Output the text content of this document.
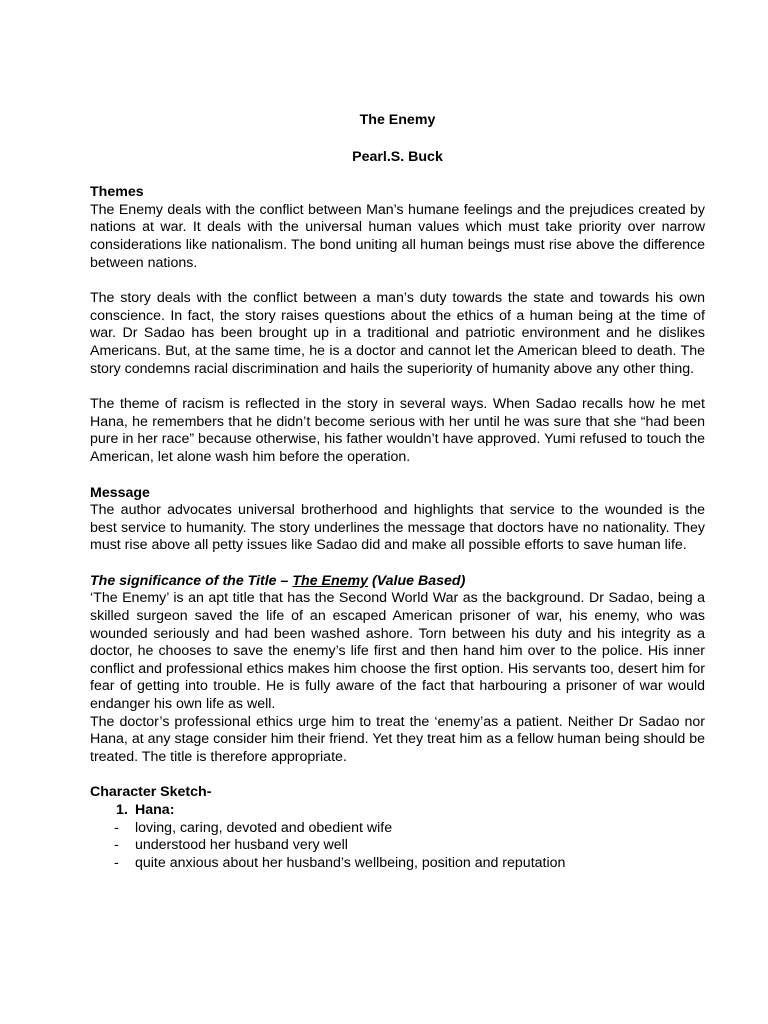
The Enemy
Pearl.S. Buck
Themes

The Enemy deals with the conflict between Man’s humane feelings and the prejudices created by nations at war. It deals with the universal human values which must take priority over narrow considerations like nationalism. The bond uniting all human beings must rise above the difference between nations.

The story deals with the conflict between a man’s duty towards the state and towards his own conscience. In fact, the story raises questions about the ethics of a human being at the time of war. Dr Sadao has been brought up in a traditional and patriotic environment and he dislikes Americans. But, at the same time, he is a doctor and cannot let the American bleed to death. The story condemns racial discrimination and hails the superiority of humanity above any other thing.

The theme of racism is reflected in the story in several ways. When Sadao recalls how he met Hana, he remembers that he didn’t become serious with her until he was sure that she “had been pure in her race” because otherwise, his father wouldn’t have approved. Yumi refused to touch the American, let alone wash him before the operation.

Message

The author advocates universal brotherhood and highlights that service to the wounded is the best service to humanity. The story underlines the message that doctors have no nationality. They must rise above all petty issues like Sadao did and make all possible efforts to save human life.

The significance of the Title – The Enemy (Value Based)

‘The Enemy’ is an apt title that has the Second World War as the background. Dr Sadao, being a skilled surgeon saved the life of an escaped American prisoner of war, his enemy, who was wounded seriously and had been washed ashore. Torn between his duty and his integrity as a doctor, he chooses to save the enemy’s life first and then hand him over to the police. His inner conflict and professional ethics makes him choose the first option. His servants too, desert him for fear of getting into trouble. He is fully aware of the fact that harbouring a prisoner of war would endanger his own life as well.

The doctor’s professional ethics urge him to treat the ‘enemy’as a patient. Neither Dr Sadao nor Hana, at any stage consider him their friend. Yet they treat him as a fellow human being should be treated. The title is therefore appropriate.

Character Sketch-
1. Hana:
- loving, caring, devoted and obedient wife
- understood her husband very well
- quite anxious about her husband’s wellbeing, position and reputation
